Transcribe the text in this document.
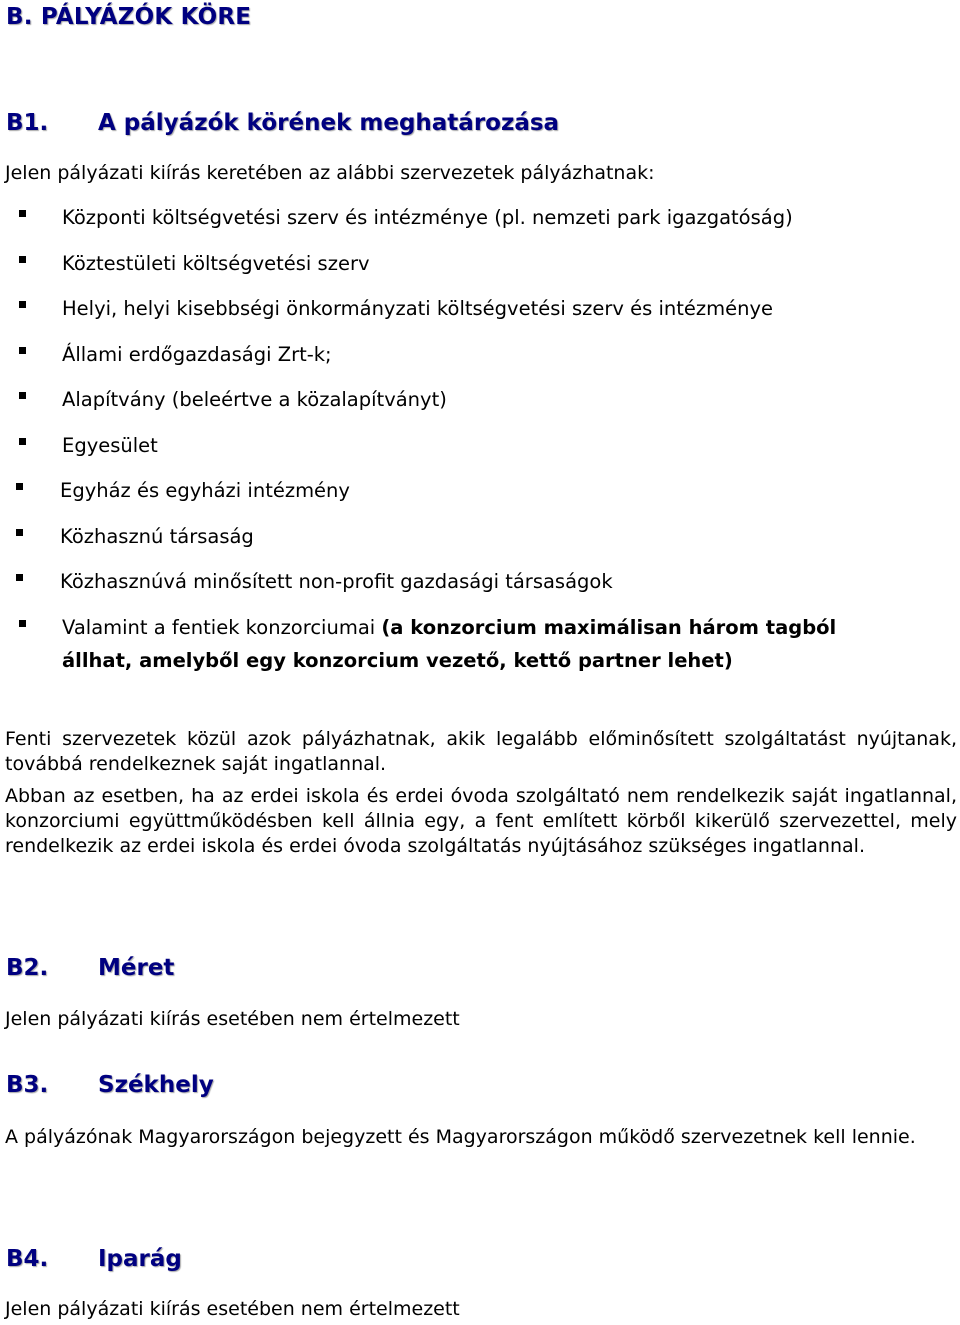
B. PÁLYÁZÓK KÖRE
B1. A pályázók körének meghatározása
Jelen pályázati kiírás keretében az alábbi szervezetek pályázhatnak:
Központi költségvetési szerv és intézménye (pl. nemzeti park igazgatóság)
Köztestületi költségvetési szerv
Helyi, helyi kisebbségi önkormányzati költségvetési szerv és intézménye
Állami erdőgazdasági Zrt-k;
Alapítvány (beleértve a közalapítványt)
Egyesület
Egyház és egyházi intézmény
Közhasznú társaság
Közhasznúvá minősített non-profit gazdasági társaságok
Valamint a fentiek konzorciumai (a konzorcium maximálisan három tagból
állhat, amelyből egy konzorcium vezető, kettő partner lehet)
Fenti szervezetek közül azok pályázhatnak, akik legalább előminősített szolgáltatást nyújtanak, továbbá rendelkeznek saját ingatlannal.
Abban az esetben, ha az erdei iskola és erdei óvoda szolgáltató nem rendelkezik saját ingatlannal, konzorciumi együttműködésben kell állnia egy, a fent említett körből kikerülő szervezettel, mely rendelkezik az erdei iskola és erdei óvoda szolgáltatás nyújtásához szükséges ingatlannal.
B2. Méret
Jelen pályázati kiírás esetében nem értelmezett
B3. Székhely
A pályázónak Magyarországon bejegyzett és Magyarországon működő szervezetnek kell lennie.
B4. Iparág
Jelen pályázati kiírás esetében nem értelmezett
